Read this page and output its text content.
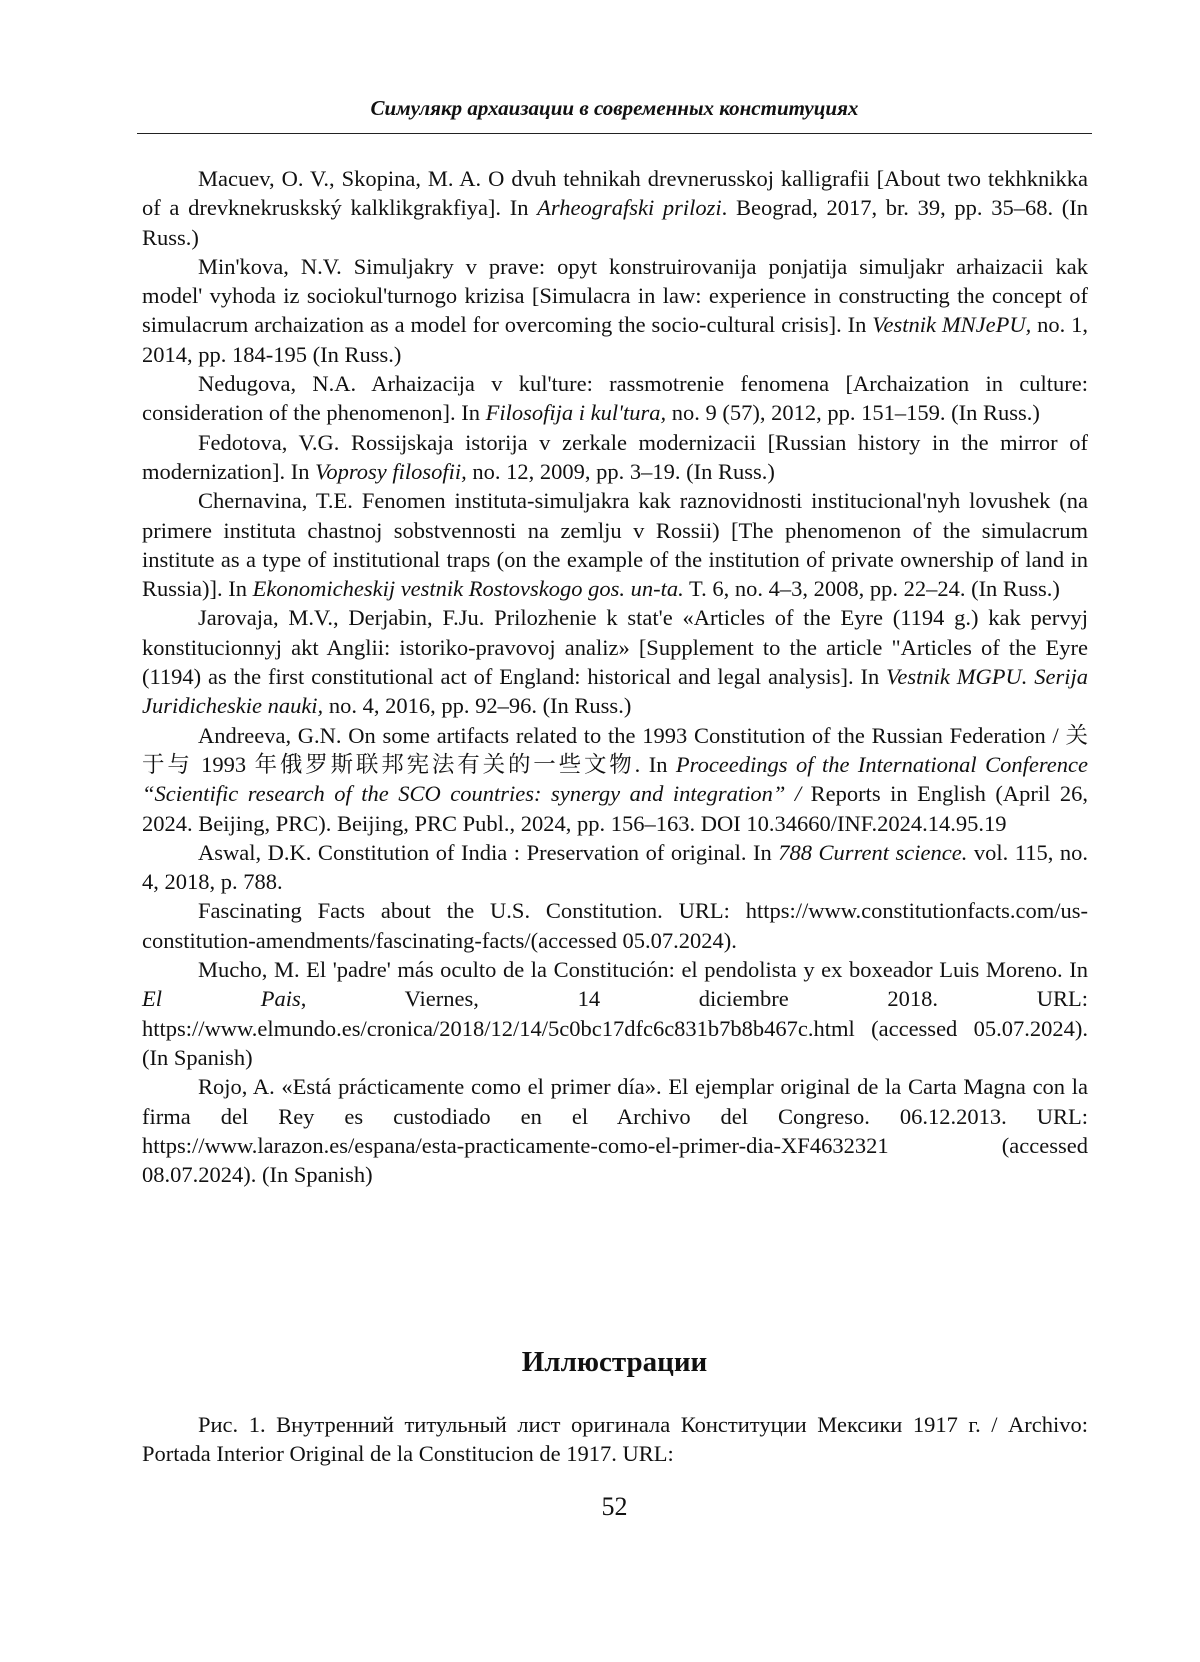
Симулякр архаизации в современных конституциях

Macuev, O. V., Skopina, M. A. O dvuh tehnikah drevnerusskoj kalligrafii [About two tekhknikka of a drevknekruskský kalklikgrakfiya]. In Arheografski prilozi. Beograd, 2017, br. 39, pp. 35–68. (In Russ.)

Min'kova, N.V. Simuljakry v prave: opyt konstruirovanija ponjatija simuljakr arhaizacii kak model' vyhoda iz sociokul'turnogo krizisa [Simulacra in law: experience in constructing the concept of simulacrum archaization as a model for overcoming the socio-cultural crisis]. In Vestnik MNJePU, no. 1, 2014, pp. 184-195 (In Russ.)

Nedugova, N.A. Arhaizacija v kul'ture: rassmotrenie fenomena [Archaization in culture: consideration of the phenomenon]. In Filosofija i kul'tura, no. 9 (57), 2012, pp. 151–159. (In Russ.)

Fedotova, V.G. Rossijskaja istorija v zerkale modernizacii [Russian history in the mirror of modernization]. In Voprosy filosofii, no. 12, 2009, pp. 3–19. (In Russ.)

Chernavina, T.E. Fenomen instituta-simuljakra kak raznovidnosti institucional'nyh lovushek (na primere instituta chastnoj sobstvennosti na zemlju v Rossii) [The phenomenon of the simulacrum institute as a type of institutional traps (on the example of the institution of private ownership of land in Russia)]. In Ekonomicheskij vestnik Rostovskogo gos. un-ta. T. 6, no. 4–3, 2008, pp. 22–24. (In Russ.)

Jarovaja, M.V., Derjabin, F.Ju. Prilozhenie k stat'e «Articles of the Eyre (1194 g.) kak pervyj konstitucionnyj akt Anglii: istoriko-pravovoj analiz» [Supplement to the article "Articles of the Eyre (1194) as the first constitutional act of England: historical and legal analysis]. In Vestnik MGPU. Serija Juridicheskie nauki, no. 4, 2016, pp. 92–96. (In Russ.)

Andreeva, G.N. On some artifacts related to the 1993 Constitution of the Russian Federation / 关于与 1993 年俄罗斯联邦宪法有关的一些文物. In Proceedings of the International Conference “Scientific research of the SCO countries: synergy and integration” / Reports in English (April 26, 2024. Beijing, PRC). Beijing, PRC Publ., 2024, pp. 156–163. DOI 10.34660/INF.2024.14.95.19

Aswal, D.K. Constitution of India : Preservation of original. In 788 Current science. vol. 115, no. 4, 2018, p. 788.

Fascinating Facts about the U.S. Constitution. URL: https://www.constitutionfacts.com/us-constitution-amendments/fascinating-facts/(accessed 05.07.2024).

Mucho, M. El 'padre' más oculto de la Constitución: el pendolista y ex boxeador Luis Moreno. In El Pais, Viernes, 14 diciembre 2018. URL: https://www.elmundo.es/cronica/2018/12/14/5c0bc17dfc6c831b7b8b467c.html (accessed 05.07.2024). (In Spanish)

Rojo, A. «Está prácticamente como el primer día». El ejemplar original de la Carta Magna con la firma del Rey es custodiado en el Archivo del Congreso. 06.12.2013. URL: https://www.larazon.es/espana/esta-practicamente-como-el-primer-dia-XF4632321 (accessed 08.07.2024). (In Spanish)

Иллюстрации

Рис. 1. Внутренний титульный лист оригинала Конституции Мексики 1917 г. / Archivo: Portada Interior Original de la Constitucion de 1917. URL:

52
